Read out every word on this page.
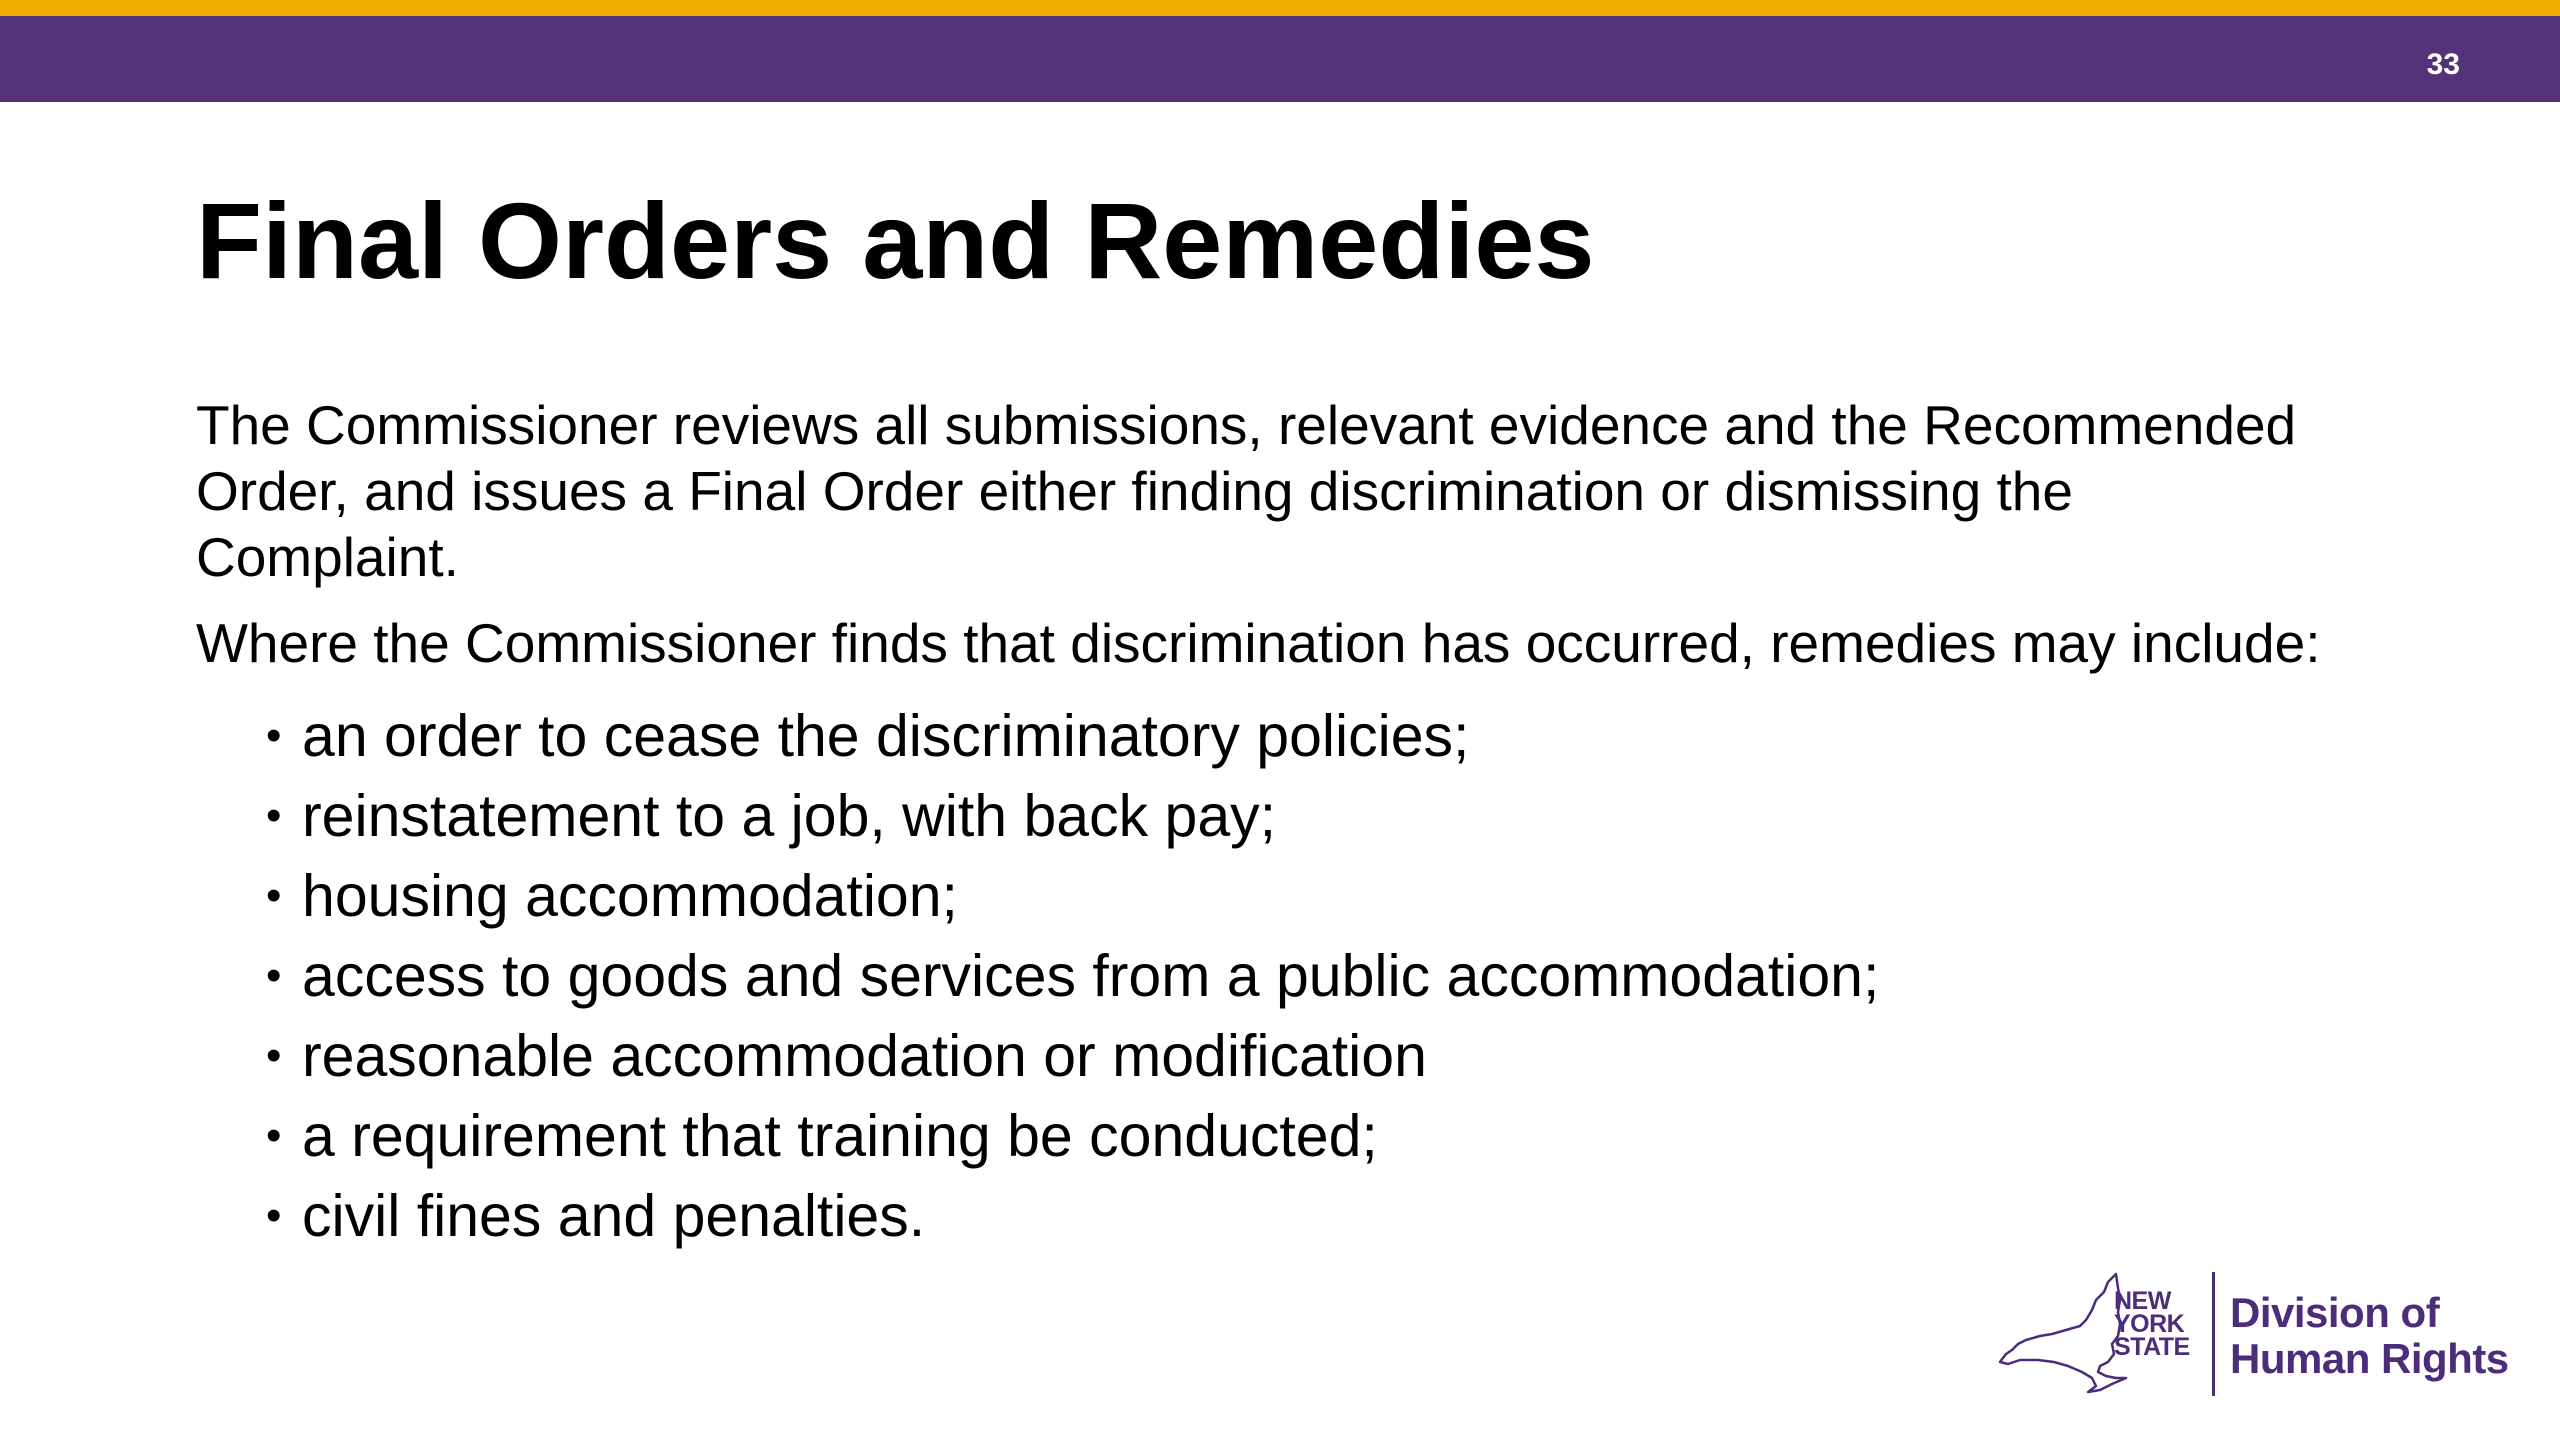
33
Final Orders and Remedies

The Commissioner reviews all submissions, relevant evidence and the Recommended Order, and issues a Final Order either finding discrimination or dismissing the Complaint.

Where the Commissioner finds that discrimination has occurred, remedies may include:

• an order to cease the discriminatory policies;
• reinstatement to a job, with back pay;
• housing accommodation;
• access to goods and services from a public accommodation;
• reasonable accommodation or modification
• a requirement that training be conducted;
• civil fines and penalties.
NEW
YORK
STATE
Division of
Human Rights
